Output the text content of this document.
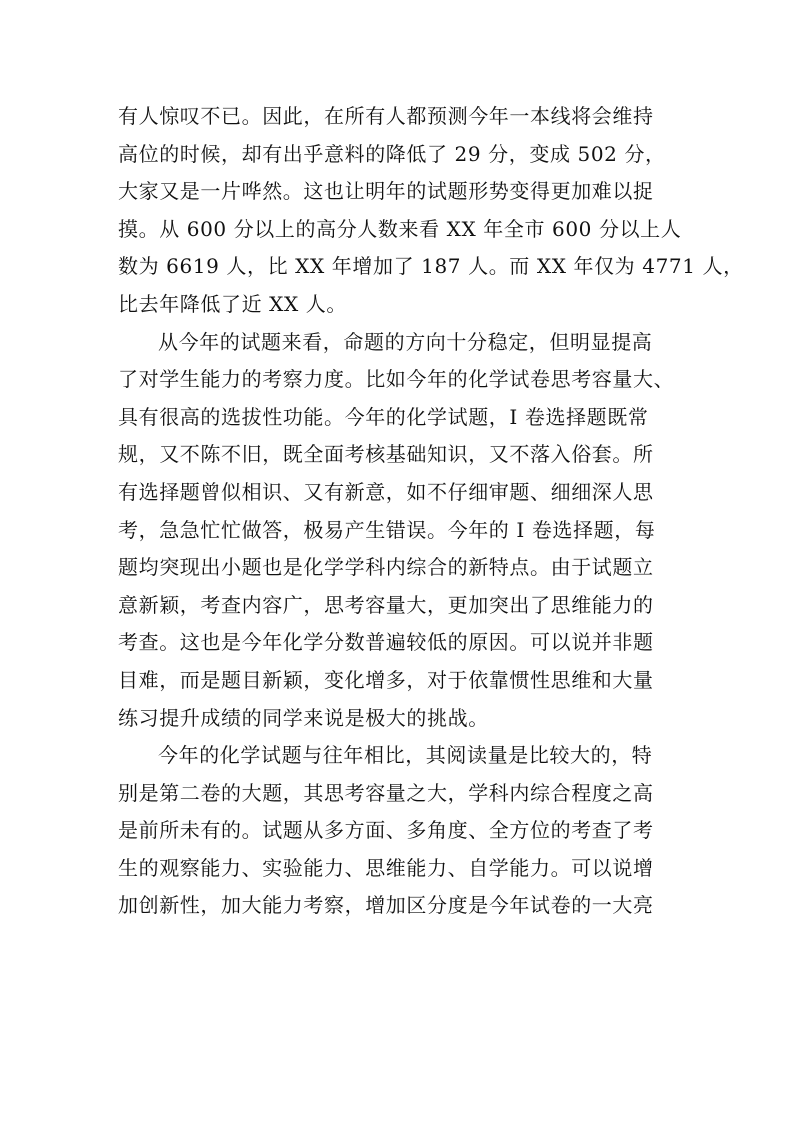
有人惊叹不已。因此，在所有人都预测今年一本线将会维持
高位的时候，却有出乎意料的降低了 29 分，变成 502 分，
大家又是一片哗然。这也让明年的试题形势变得更加难以捉
摸。从 600 分以上的高分人数来看 XX 年全市 600 分以上人
数为 6619 人，比 XX 年增加了 187 人。而 XX 年仅为 4771 人，
比去年降低了近 XX 人。
从今年的试题来看，命题的方向十分稳定，但明显提高
了对学生能力的考察力度。比如今年的化学试卷思考容量大、
具有很高的选拔性功能。今年的化学试题，I 卷选择题既常
规，又不陈不旧，既全面考核基础知识，又不落入俗套。所
有选择题曾似相识、又有新意，如不仔细审题、细细深人思
考，急急忙忙做答，极易产生错误。今年的 I 卷选择题，每
题均突现出小题也是化学学科内综合的新特点。由于试题立
意新颖，考查内容广，思考容量大，更加突出了思维能力的
考查。这也是今年化学分数普遍较低的原因。可以说并非题
目难，而是题目新颖，变化增多，对于依靠惯性思维和大量
练习提升成绩的同学来说是极大的挑战。
今年的化学试题与往年相比，其阅读量是比较大的，特
别是第二卷的大题，其思考容量之大，学科内综合程度之高
是前所未有的。试题从多方面、多角度、全方位的考查了考
生的观察能力、实验能力、思维能力、自学能力。可以说增
加创新性，加大能力考察，增加区分度是今年试卷的一大亮
